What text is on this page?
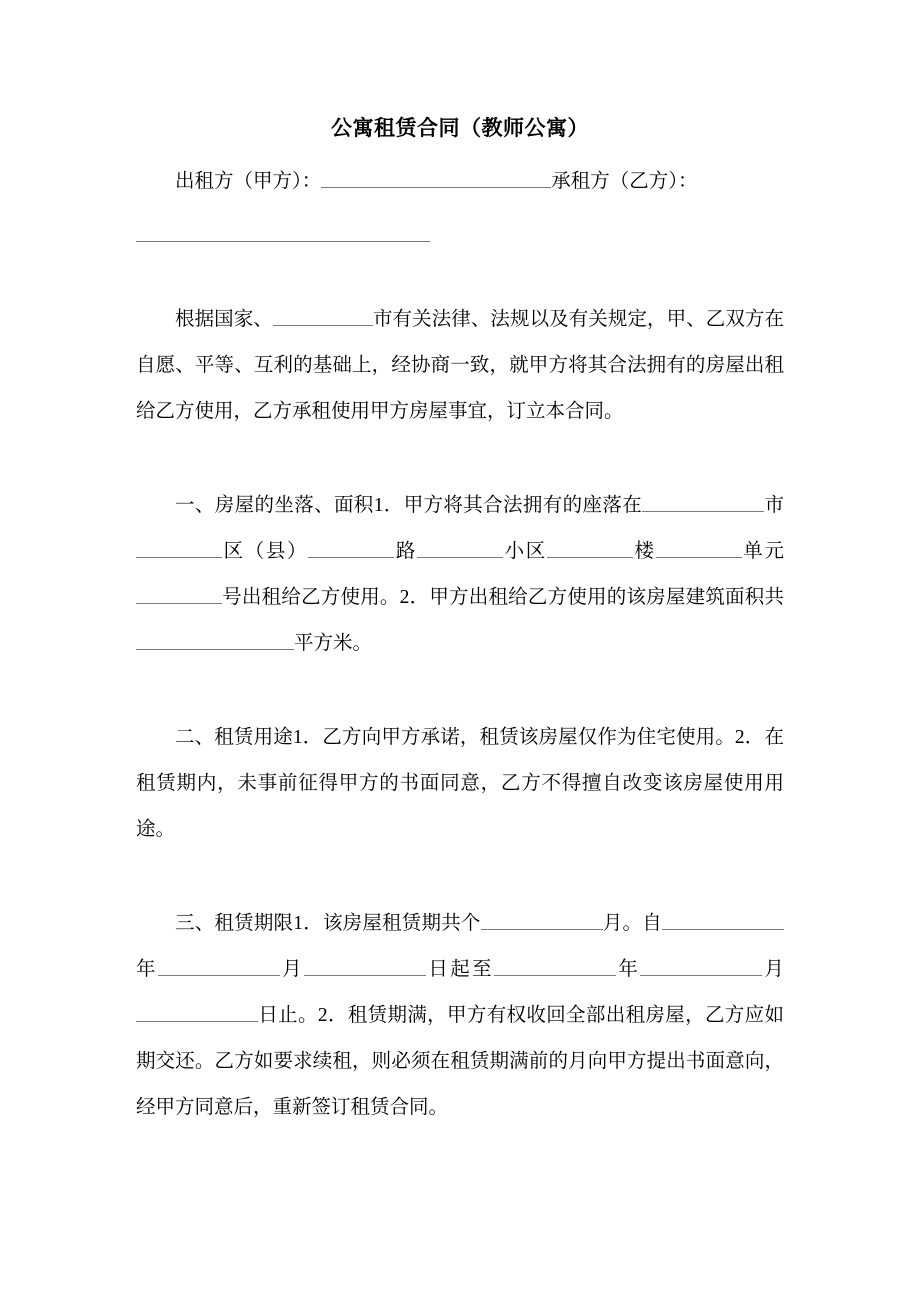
公寓租赁合同（教师公寓）

出租方（甲方）：	承租方（乙方）：

根据国家、	市有关法律、法规以及有关规定，甲、乙双方在自愿、平等、互利的基础上，经协商一致，就甲方将其合法拥有的房屋出租给乙方使用，乙方承租使用甲方房屋事宜，订立本合同。

一、房屋的坐落、面积1．甲方将其合法拥有的座落在	市区（县）	路	小区	楼	单元号出租给乙方使用。2．甲方出租给乙方使用的该房屋建筑面积共平方米。

二、租赁用途1．乙方向甲方承诺，租赁该房屋仅作为住宅使用。2．在租赁期内，未事前征得甲方的书面同意，乙方不得擅自改变该房屋使用用途。

三、租赁期限1．该房屋租赁期共个	月。自年	月	日起至	年	月日止。2．租赁期满，甲方有权收回全部出租房屋，乙方应如期交还。乙方如要求续租，则必须在租赁期满前的月向甲方提出书面意向，经甲方同意后，重新签订租赁合同。
